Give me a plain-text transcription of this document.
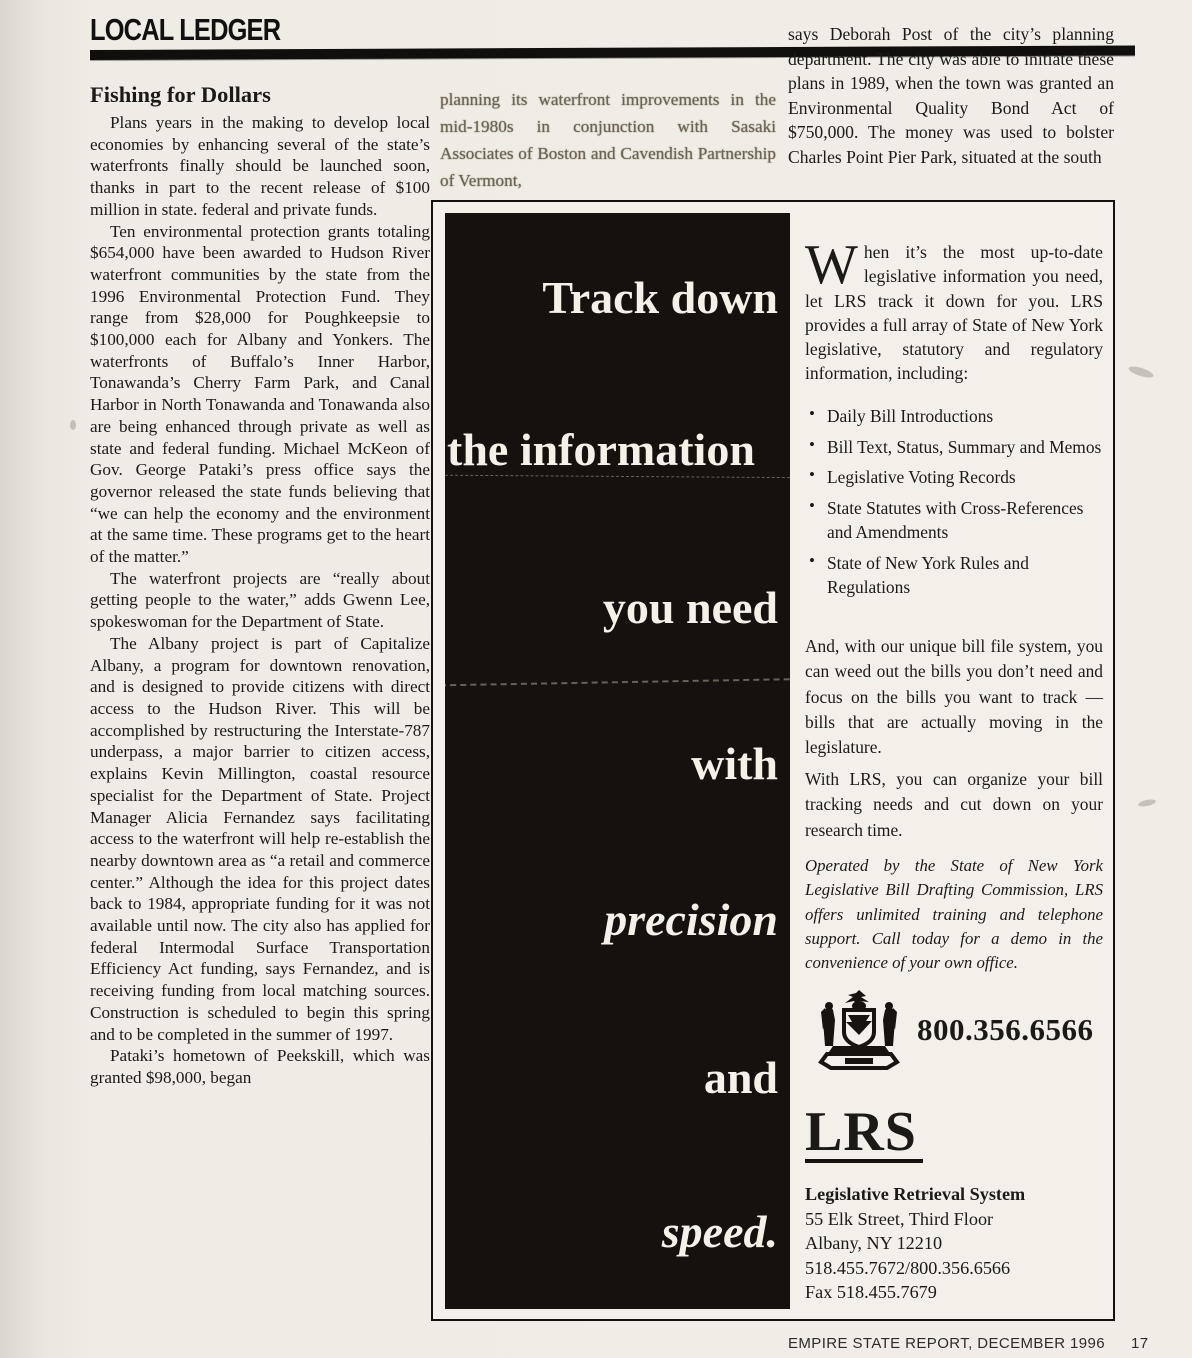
LOCAL LEDGER
Fishing for Dollars

Plans years in the making to develop local economies by enhancing several of the state’s waterfronts finally should be launched soon, thanks in part to the recent release of $100 million in state. federal and private funds.

Ten environmental protection grants totaling $654,000 have been awarded to Hudson River waterfront communities by the state from the 1996 Environmental Protection Fund. They range from $28,000 for Poughkeepsie to $100,000 each for Albany and Yonkers. The waterfronts of Buffalo’s Inner Harbor, Tonawanda’s Cherry Farm Park, and Canal Harbor in North Tonawanda and Tonawanda also are being enhanced through private as well as state and federal funding. Michael McKeon of Gov. George Pataki’s press office says the governor released the state funds believing that “we can help the economy and the environment at the same time. These programs get to the heart of the matter.”

The waterfront projects are “really about getting people to the water,” adds Gwenn Lee, spokeswoman for the Department of State.

The Albany project is part of Capitalize Albany, a program for downtown renovation, and is designed to provide citizens with direct access to the Hudson River. This will be accomplished by restructuring the Interstate-787 underpass, a major barrier to citizen access, explains Kevin Millington, coastal resource specialist for the Department of State. Project Manager Alicia Fernandez says facilitating access to the waterfront will help re-establish the nearby downtown area as “a retail and commerce center.” Although the idea for this project dates back to 1984, appropriate funding for it was not available until now. The city also has applied for federal Intermodal Surface Transportation Efficiency Act funding, says Fernandez, and is receiving funding from local matching sources. Construction is scheduled to begin this spring and to be completed in the summer of 1997.

Pataki’s hometown of Peekskill, which was granted $98,000, began

planning its waterfront improvements in the mid-1980s in conjunction with Sasaki Associates of Boston and Cavendish Partnership of Vermont,

says Deborah Post of the city’s planning department. The city was able to initiate these plans in 1989, when the town was granted an Environmental Quality Bond Act of $750,000. The money was used to bolster Charles Point Pier Park, situated at the south

Track down
the information
you need
with
precision
and
speed.
When it’s the most up-to-date legislative information you need, let LRS track it down for you. LRS provides a full array of State of New York legislative, statutory and regulatory information, including:
• Daily Bill Introductions
• Bill Text, Status, Summary and Memos
• Legislative Voting Records
• State Statutes with Cross-References and Amendments
• State of New York Rules and Regulations
And, with our unique bill file system, you can weed out the bills you don’t need and focus on the bills you want to track — bills that are actually moving in the legislature.
With LRS, you can organize your bill tracking needs and cut down on your research time.
Operated by the State of New York Legislative Bill Drafting Commission, LRS offers unlimited training and telephone support. Call today for a demo in the convenience of your own office.
800.356.6566
LRS
Legislative Retrieval System
55 Elk Street, Third Floor
Albany, NY 12210
518.455.7672/800.356.6566
Fax 518.455.7679
EMPIRE STATE REPORT, DECEMBER 1996 17
